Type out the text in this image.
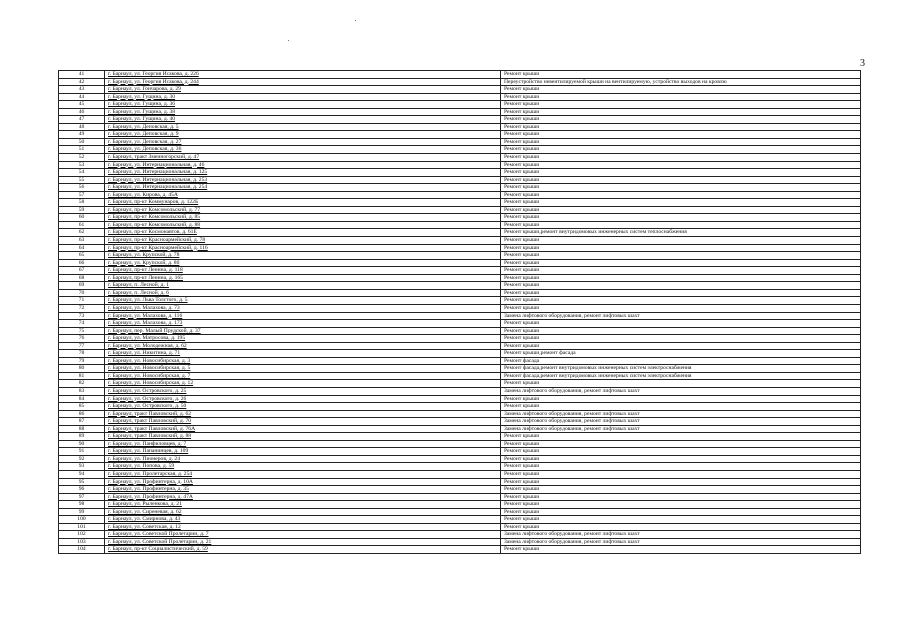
3
41	г. Барнаул, ул. Георгия Исакова, д. 226	Ремонт крыши
42	г. Барнаул, ул. Георгия Исакова, д. 244	Переустройство невентилируемой крыши на вентилируемую, устройство выходов на кровлю
43	г. Барнаул, ул. Гончарова, д. 29	Ремонт крыши
44	г. Барнаул, ул. Гущина, д. 30	Ремонт крыши
45	г. Барнаул, ул. Гущина, д. 36	Ремонт крыши
46	г. Барнаул, ул. Гущина, д. 38	Ремонт крыши
47	г. Барнаул, ул. Гущина, д. 40	Ремонт крыши
48	г. Барнаул, ул. Деповская, д. 5	Ремонт крыши
49	г. Барнаул, ул. Деповская, д. 9	Ремонт крыши
50	г. Барнаул, ул. Деповская, д. 27	Ремонт крыши
51	г. Барнаул, ул. Деповская, д. 36	Ремонт крыши
52	г. Барнаул, тракт Змеиногорский, д. 47	Ремонт крыши
53	г. Барнаул, ул. Интернациональная, д. 46	Ремонт крыши
54	г. Барнаул, ул. Интернациональная, д. 125	Ремонт крыши
55	г. Барнаул, ул. Интернациональная, д. 253	Ремонт крыши
56	г. Барнаул, ул. Интернациональная, д. 254	Ремонт крыши
57	г. Барнаул, ул. Кирова, д. 45А	Ремонт крыши
58	г. Барнаул, пр-кт Коммунаров, д. 122Б	Ремонт крыши
59	г. Барнаул, пр-кт Комсомольский, д. 77	Ремонт крыши
60	г. Барнаул, пр-кт Комсомольский, д. 85	Ремонт крыши
61	г. Барнаул, пр-кт Комсомольский, д. 88	Ремонт крыши
62	г. Барнаул, пр-кт Космонавтов, д. 61Е	Ремонт крыши,ремонт внутридомовых инженерных систем теплоснабжения
63	г. Барнаул, пр-кт Красноармейский, д. 78	Ремонт крыши
64	г. Барнаул, пр-кт Красноармейский, д. 116	Ремонт крыши
65	г. Барнаул, ул. Крупской, д. 78	Ремонт крыши
66	г. Барнаул, ул. Крупской, д. 80	Ремонт крыши
67	г. Барнаул, пр-кт Ленина, д. 118	Ремонт крыши
68	г. Барнаул, пр-кт Ленина, д. 165	Ремонт крыши
69	г. Барнаул, п. Лесной, д. 1	Ремонт крыши
70	г. Барнаул, п. Лесной, д. 6	Ремонт крыши
71	г. Барнаул, ул. Льва Толстого, д. 5	Ремонт крыши
72	г. Барнаул, ул. Малахова, д. 73	Ремонт крыши
73	г. Барнаул, ул. Малахова, д. 116	Замена лифтового оборудования, ремонт лифтовых шахт
74	г. Барнаул, ул. Малахова, д. 173	Ремонт крыши
75	г. Барнаул, пер. Малый Прудской, д. 37	Ремонт крыши
76	г. Барнаул, ул. Матросова, д. 195	Ремонт крыши
77	г. Барнаул, ул. Молодежная, д. 62	Ремонт крыши
78	г. Барнаул, ул. Никитина, д. 71	Ремонт крыши,ремонт фасада
79	г. Барнаул, ул. Новосибирская, д. 3	Ремонт фасада
80	г. Барнаул, ул. Новосибирская, д. 5	Ремонт фасада,ремонт внутридомовых инженерных систем электроснабжения
81	г. Барнаул, ул. Новосибирская, д. 7	Ремонт фасада,ремонт внутридомовых инженерных систем электроснабжения
82	г. Барнаул, ул. Новосибирская, д. 12	Ремонт крыши
83	г. Барнаул, ул. Островского, д. 25	Замена лифтового оборудования, ремонт лифтовых шахт
84	г. Барнаул, ул. Островского, д. 26	Ремонт крыши
85	г. Барнаул, ул. Островского, д. 50	Ремонт крыши
86	г. Барнаул, тракт Павловский, д. 62	Замена лифтового оборудования, ремонт лифтовых шахт
87	г. Барнаул, тракт Павловский, д. 70	Замена лифтового оборудования, ремонт лифтовых шахт
88	г. Барнаул, тракт Павловский, д. 76А	Замена лифтового оборудования, ремонт лифтовых шахт
89	г. Барнаул, тракт Павловский, д. 88	Ремонт крыши
90	г. Барнаул, ул. Панфиловцев, д. 7	Ремонт крыши
91	г. Барнаул, ул. Папанинцев, д. 109	Ремонт крыши
92	г. Барнаул, ул. Пионеров, д. 24	Ремонт крыши
93	г. Барнаул, ул. Попова, д. 59	Ремонт крыши
94	г. Барнаул, ул. Пролетарская, д. 254	Ремонт крыши
95	г. Барнаул, ул. Профинтерна, д. 10А	Ремонт крыши
96	г. Барнаул, ул. Профинтерна, д. 35	Ремонт крыши
97	г. Барнаул, ул. Профинтерна, д. 47А	Ремонт крыши
98	г. Барнаул, ул. Рыленкова, д. 21	Ремонт крыши
99	г. Барнаул, ул. Сиреневая, д. 62	Ремонт крыши
100	г. Барнаул, ул. Смирнова, д. 43	Ремонт крыши
101	г. Барнаул, ул. Советская, д. 12	Ремонт крыши
102	г. Барнаул, ул. Советской Пролетарии, д. 7	Замена лифтового оборудования, ремонт лифтовых шахт
103	г. Барнаул, ул. Советской Пролетарии, д. 21	Замена лифтового оборудования, ремонт лифтовых шахт
104	г. Барнаул, пр-кт Социалистический, д. 59	Ремонт крыши
